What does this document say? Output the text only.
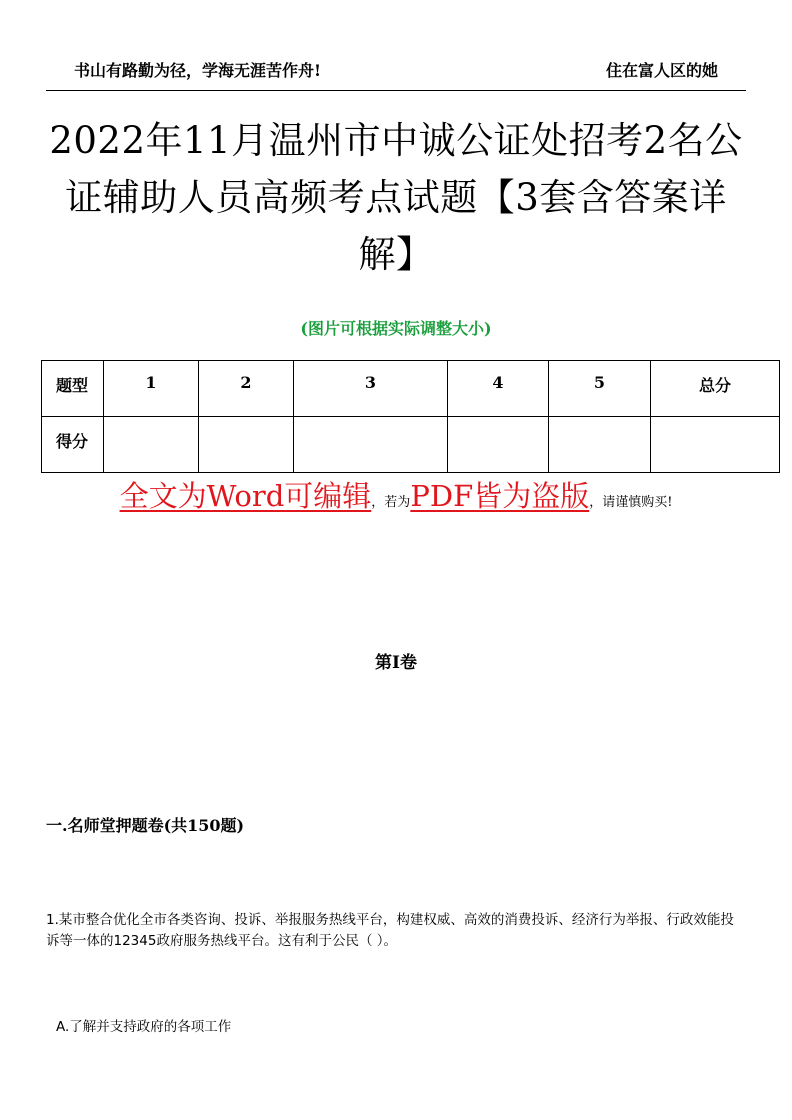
书山有路勤为径，学海无涯苦作舟!	住在富人区的她
2022年11月温州市中诚公证处招考2名公证辅助人员高频考点试题【3套含答案详解】
(图片可根据实际调整大小)
题型	1	2	3	4	5	总分
得分						
全文为Word可编辑，若为PDF皆为盗版，请谨慎购买!
第I卷
一.名师堂押题卷(共150题)
1.某市整合优化全市各类咨询、投诉、举报服务热线平台，构建权威、高效的消费投诉、经济行为举报、行政效能投诉等一体的12345政府服务热线平台。这有利于公民（ ）。
A.了解并支持政府的各项工作
